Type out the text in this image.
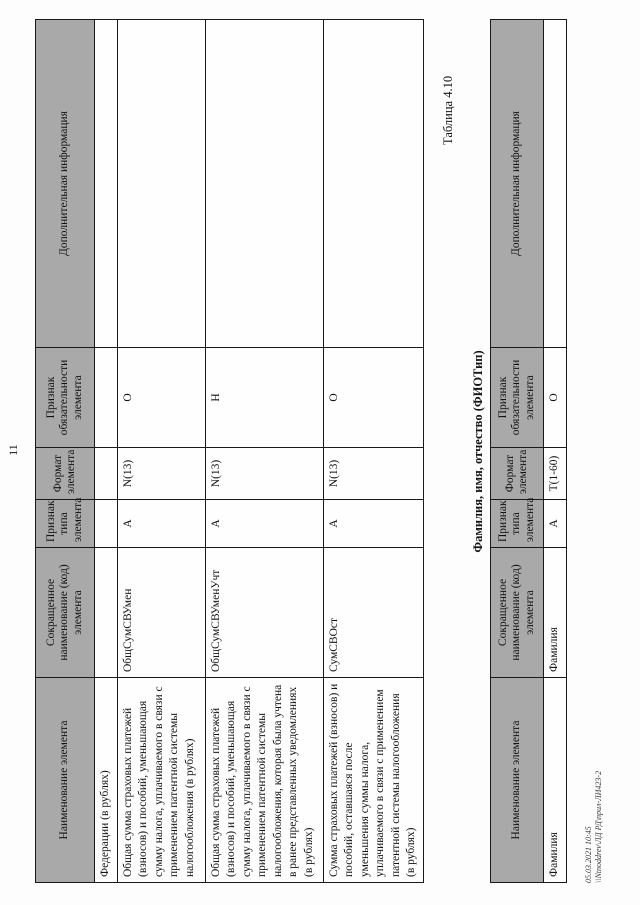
11
Наименование элемента	Сокращенное наименование (код) элемента	Признак типа элемента	Формат элемента	Признак обязательности элемента	Дополнительная информация
Федерации (в рублях)					
Общая сумма страховых платежей (взносов) и пособий, уменьшающая сумму налога, уплачиваемого в связи с применением патентной системы налогообложения (в рублях)	ОбщСумСВУмен	А	N(13)	О	
Общая сумма страховых платежей (взносов) и пособий, уменьшающая сумму налога, уплачиваемого в связи с применением патентной системы налогообложения, которая была учтена в ранее представленных уведомлениях (в рублях)	ОбщСумСВУменУчт	А	N(13)	Н	
Сумма страховых платежей (взносов) и пособий, оставшаяся после уменьшения суммы налога, уплачиваемого в связи с применением патентной системы налогообложения (в рублях)	СумСВОст	А	N(13)	О	
Таблица 4.10
Фамилия, имя, отчество (ФИОТип)
Наименование элемента	Сокращенное наименование (код) элемента	Признак типа элемента	Формат элемента	Признак обязательности элемента	Дополнительная информация
Фамилия	Фамилия	А	T(1-60)	О	
05.03.2021 10:45 \\Ntnoddrev\ЛД РД\прил-ЛИ423-2
